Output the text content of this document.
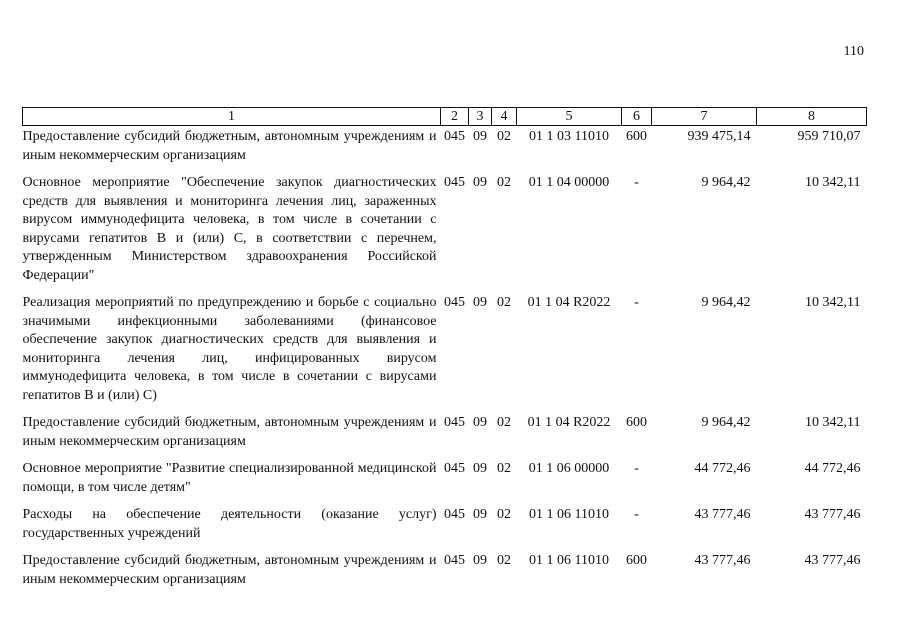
110
1	2	3	4	5	6	7	8
Предоставление субсидий бюджетным, автономным учреждениям и иным некоммерческим организациям	045	09	02	01 1 03 11010	600	939 475,14	959 710,07
Основное мероприятие "Обеспечение закупок диагностических средств для выявления и мониторинга лечения лиц, зараженных вирусом иммунодефицита человека, в том числе в сочетании с вирусами гепатитов В и (или) С, в соответствии с перечнем, утвержденным Министерством здравоохранения Российской Федерации"	045	09	02	01 1 04 00000	-	9 964,42	10 342,11
Реализация мероприятий по предупреждению и борьбе с социально значимыми инфекционными заболеваниями (финансовое обеспечение закупок диагностических средств для выявления и мониторинга лечения лиц, инфицированных вирусом иммунодефицита человека, в том числе в сочетании с вирусами гепатитов В и (или) С)	045	09	02	01 1 04 R2022	-	9 964,42	10 342,11
Предоставление субсидий бюджетным, автономным учреждениям и иным некоммерческим организациям	045	09	02	01 1 04 R2022	600	9 964,42	10 342,11
Основное мероприятие "Развитие специализированной медицинской помощи, в том числе детям"	045	09	02	01 1 06 00000	-	44 772,46	44 772,46
Расходы на обеспечение деятельности (оказание услуг) государственных учреждений	045	09	02	01 1 06 11010	-	43 777,46	43 777,46
Предоставление субсидий бюджетным, автономным учреждениям и иным некоммерческим организациям	045	09	02	01 1 06 11010	600	43 777,46	43 777,46
